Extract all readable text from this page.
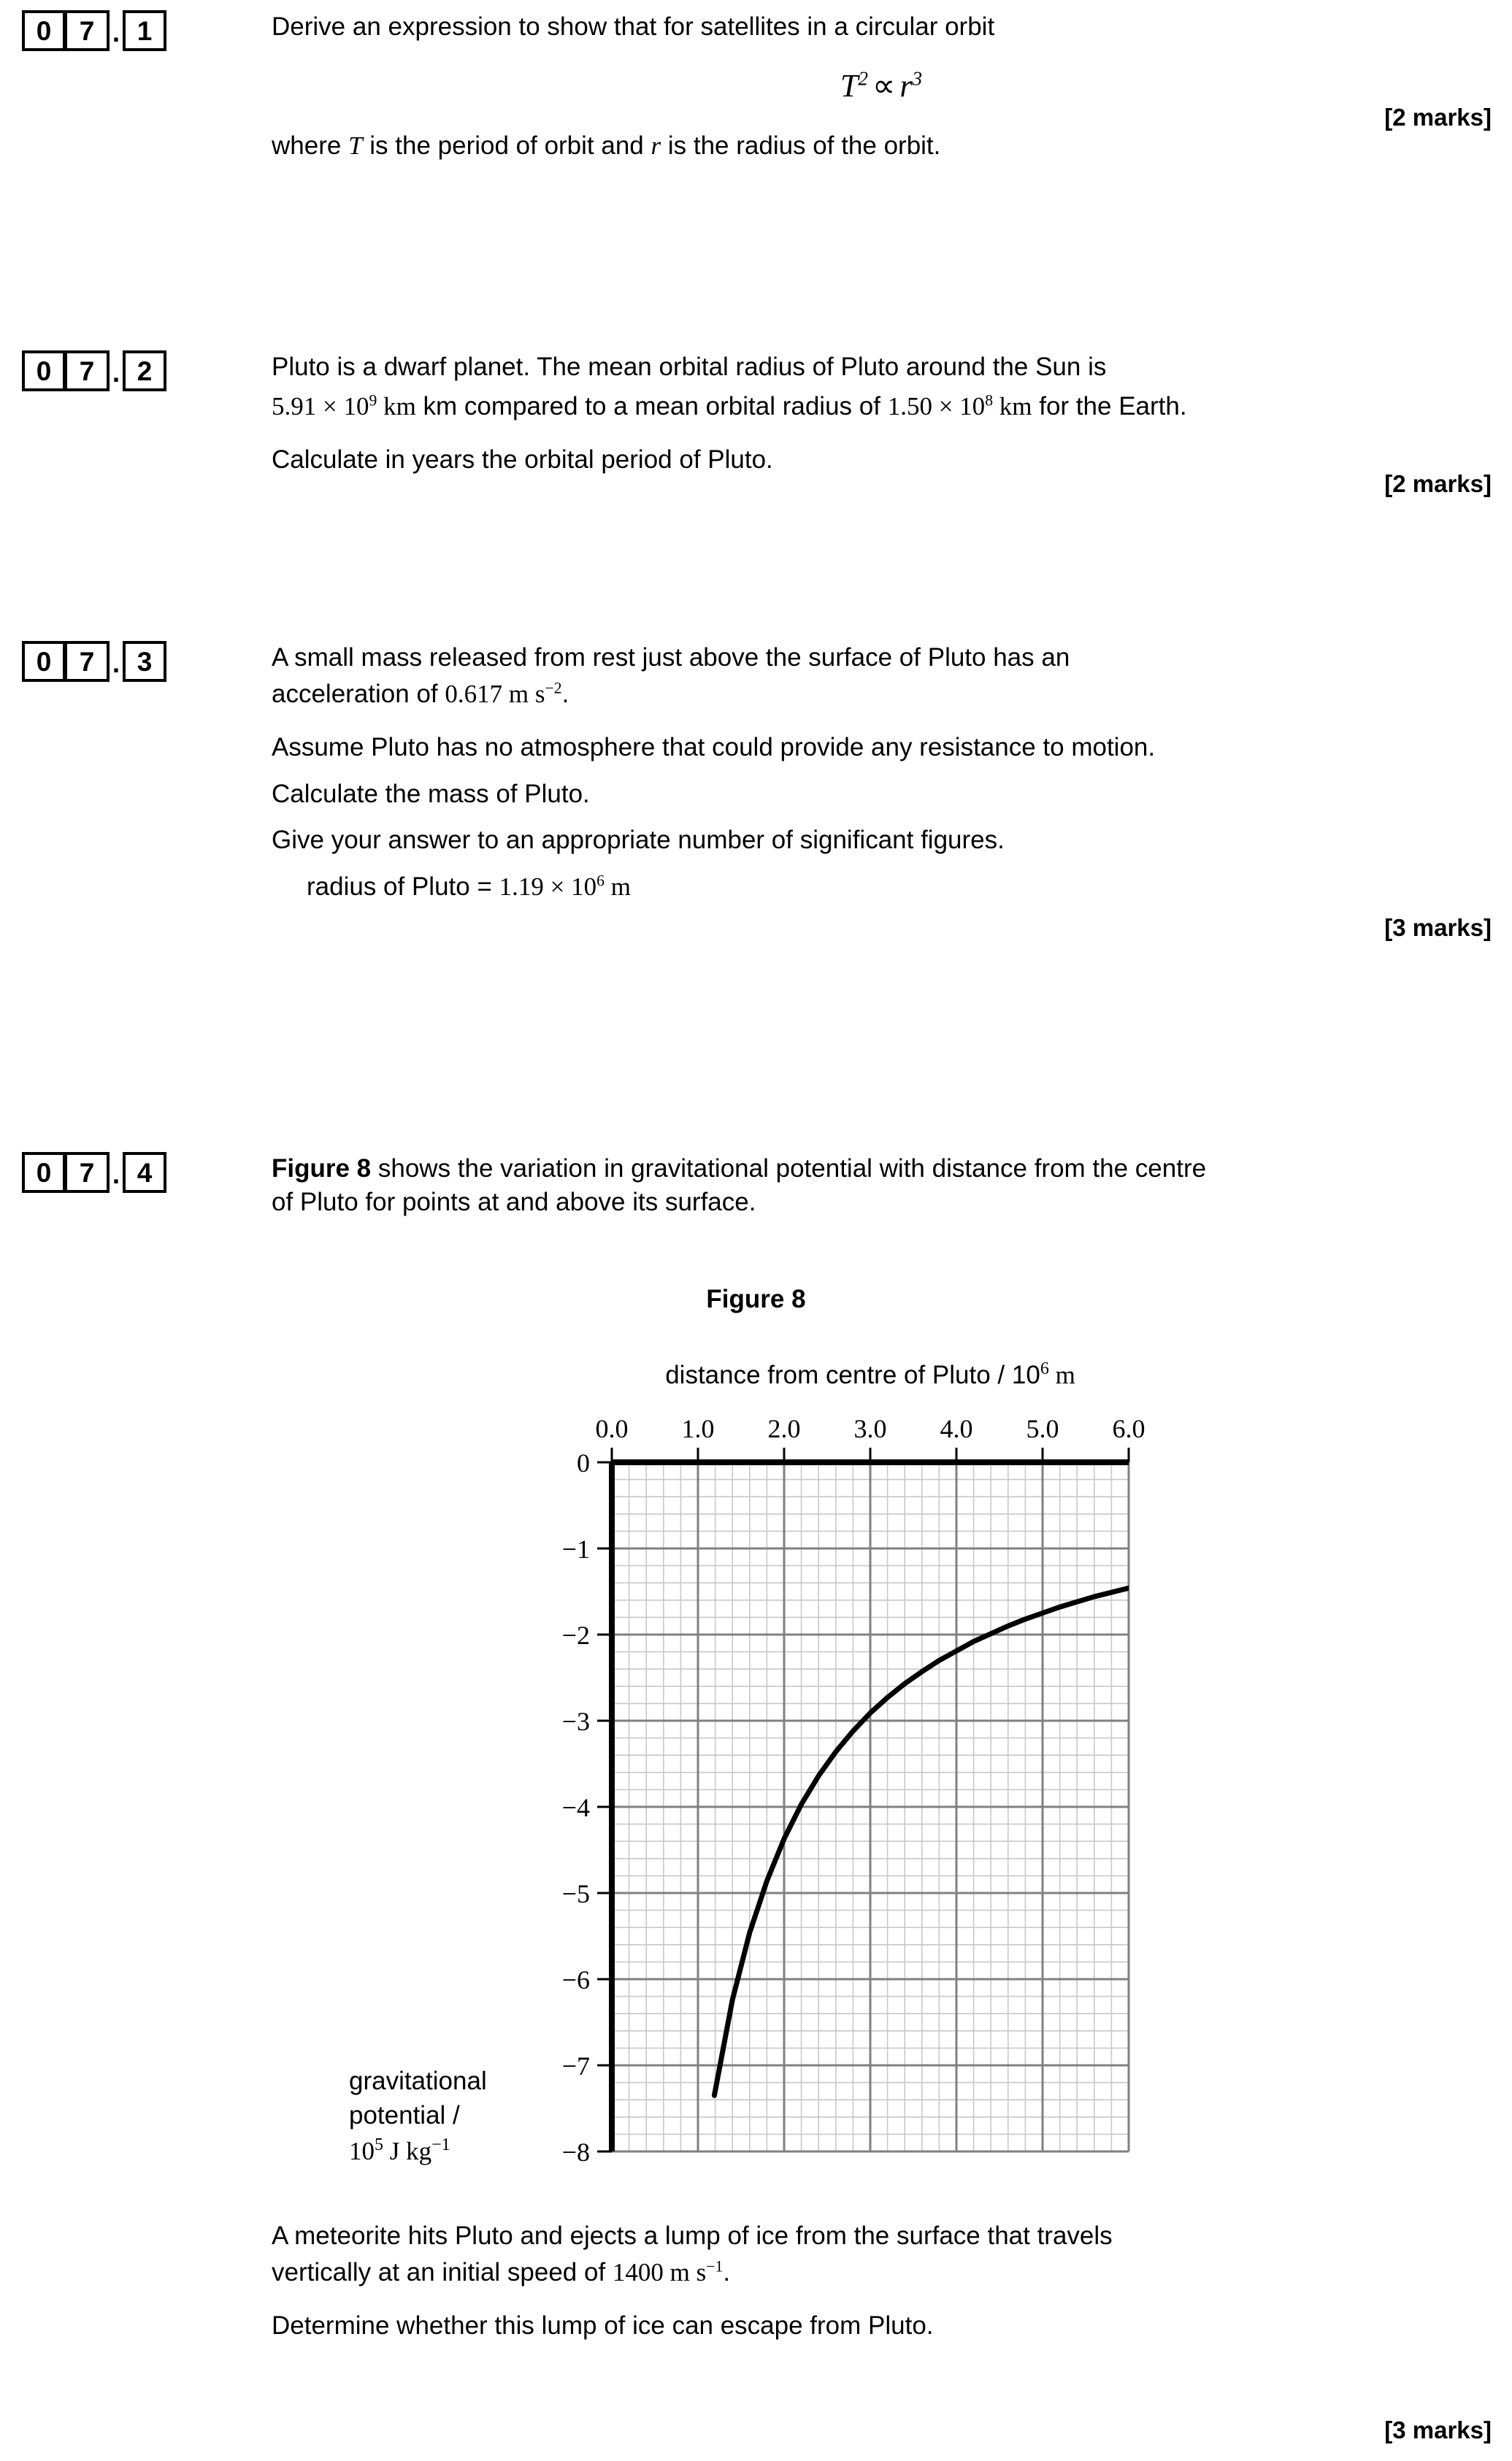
0	7 . 1	Derive an expression to show that for satellites in a circular orbit

$T^2 \propto r^3$

where T is the period of orbit and r is the radius of the orbit.

[2 marks]
0	7 . 2	Pluto is a dwarf planet. The mean orbital radius of Pluto around the Sun is

$5.91 \times 10^9$ km km compared to a mean orbital radius of $1.50 \times 10^8$ km for the Earth.

Calculate in years the orbital period of Pluto.

[2 marks]
0	7 . 3	A small mass released from rest just above the surface of Pluto has an

acceleration of 0.617 m $s^{-2}$.

Assume Pluto has no atmosphere that could provide any resistance to motion.

Calculate the mass of Pluto.

Give your answer to an appropriate number of significant figures.

radius of Pluto = $1.19 \times 10^6$ m

[3 marks]
0	7 . 4	Figure 8 shows the variation in gravitational potential with distance from the centre

of Pluto for points at and above its surface.

Figure 8
distance from centre of Pluto / $10^6$ m
0.0 1.0 2.0 3.0 4.0 5.0 6.0
0
−1
−2
−3
−4
−5
−6
−7
−8
gravitational
potential /
$10^5$ J $kg^{-1}$

A meteorite hits Pluto and ejects a lump of ice from the surface that travels

vertically at an initial speed of 1400 m $s^{-1}$.

Determine whether this lump of ice can escape from Pluto.

[3 marks]
